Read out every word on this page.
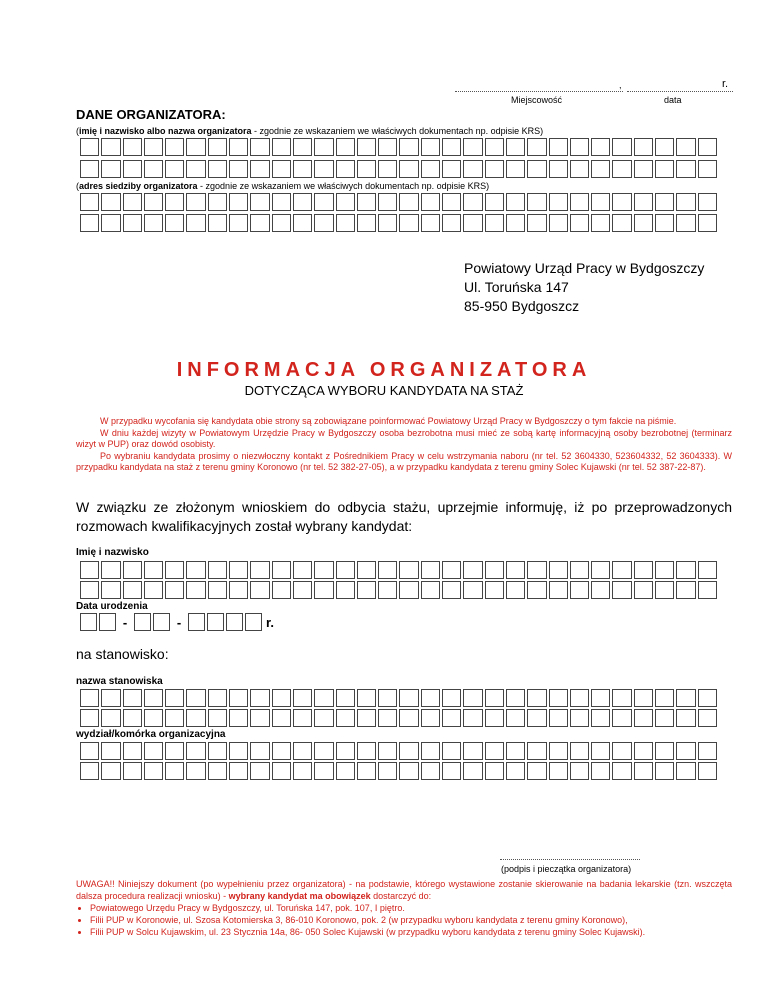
,	r.
Miejscowość	data
DANE ORGANIZATORA:
(imię i nazwisko albo nazwa organizatora - zgodnie ze wskazaniem we właściwych dokumentach np. odpisie KRS)
(adres siedziby organizatora - zgodnie ze wskazaniem we właściwych dokumentach np. odpisie KRS)
Powiatowy Urząd Pracy w Bydgoszczy
Ul. Toruńska 147
85-950 Bydgoszcz
INFORMACJA ORGANIZATORA
DOTYCZĄCA WYBORU KANDYDATA NA STAŻ
W przypadku wycofania się kandydata obie strony są zobowiązane poinformować Powiatowy Urząd Pracy w Bydgoszczy o tym fakcie na piśmie.
W dniu każdej wizyty w Powiatowym Urzędzie Pracy w Bydgoszczy osoba bezrobotna musi mieć ze sobą kartę informacyjną osoby bezrobotnej (terminarz wizyt w PUP) oraz dowód osobisty.
Po wybraniu kandydata prosimy o niezwłoczny kontakt z Pośrednikiem Pracy w celu wstrzymania naboru (nr tel. 52 3604330, 523604332, 52 3604333). W przypadku kandydata na staż z terenu gminy Koronowo (nr tel. 52 382-27-05), a w przypadku kandydata z terenu gminy Solec Kujawski (nr tel. 52 387-22-87).
W związku ze złożonym wnioskiem do odbycia stażu, uprzejmie informuję, iż po przeprowadzonych rozmowach kwalifikacyjnych został wybrany kandydat:
Imię i nazwisko
Data urodzenia
-	-	r.
na stanowisko:
nazwa stanowiska
wydział/komórka organizacyjna
(podpis i pieczątka organizatora)
UWAGA!! Niniejszy dokument (po wypełnieniu przez organizatora) - na podstawie, którego wystawione zostanie skierowanie na badania lekarskie (tzn. wszczęta dalsza procedura realizacji wniosku) - wybrany kandydat ma obowiązek dostarczyć do:
• Powiatowego Urzędu Pracy w Bydgoszczy, ul. Toruńska 147, pok. 107, I piętro.
• Filii PUP w Koronowie, ul. Szosa Kotomierska 3, 86-010 Koronowo, pok. 2 (w przypadku wyboru kandydata z terenu gminy Koronowo),
• Filii PUP w Solcu Kujawskim, ul. 23 Stycznia 14a, 86- 050 Solec Kujawski (w przypadku wyboru kandydata z terenu gminy Solec Kujawski).
